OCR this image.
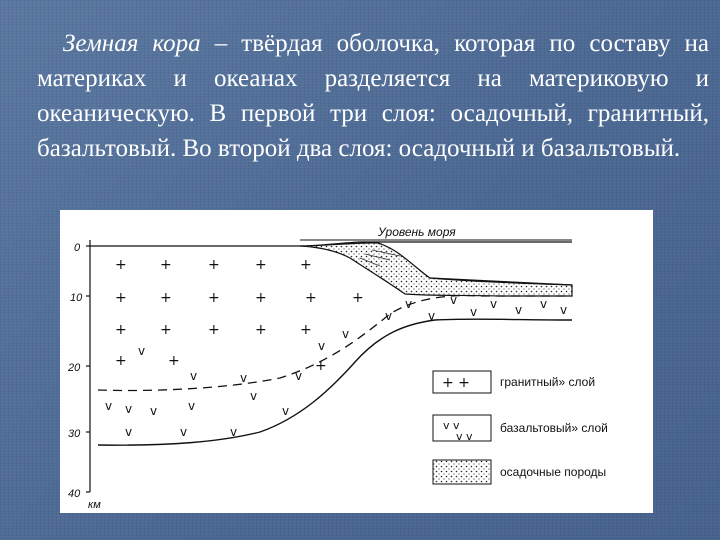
Земная кора – твёрдая оболочка, которая по составу на материках и океанах разделяется на материковую и океаническую. В первой три слоя: осадочный, гранитный, базальтовый. Во второй два слоя: осадочный и базальтовый.
0
10
20
30
40
км
Уровень моря
+ +	+	+ +
+ +	+	+	+	+
+ +	+	+ +
+	+	+
v
v	v
v v v	v
v
v	v	v
v
v
v
v
v
v
v
v
v
v v v v
+ +	гранитный» слой
v v
v v
базальтовый» слой
осадочные породы
